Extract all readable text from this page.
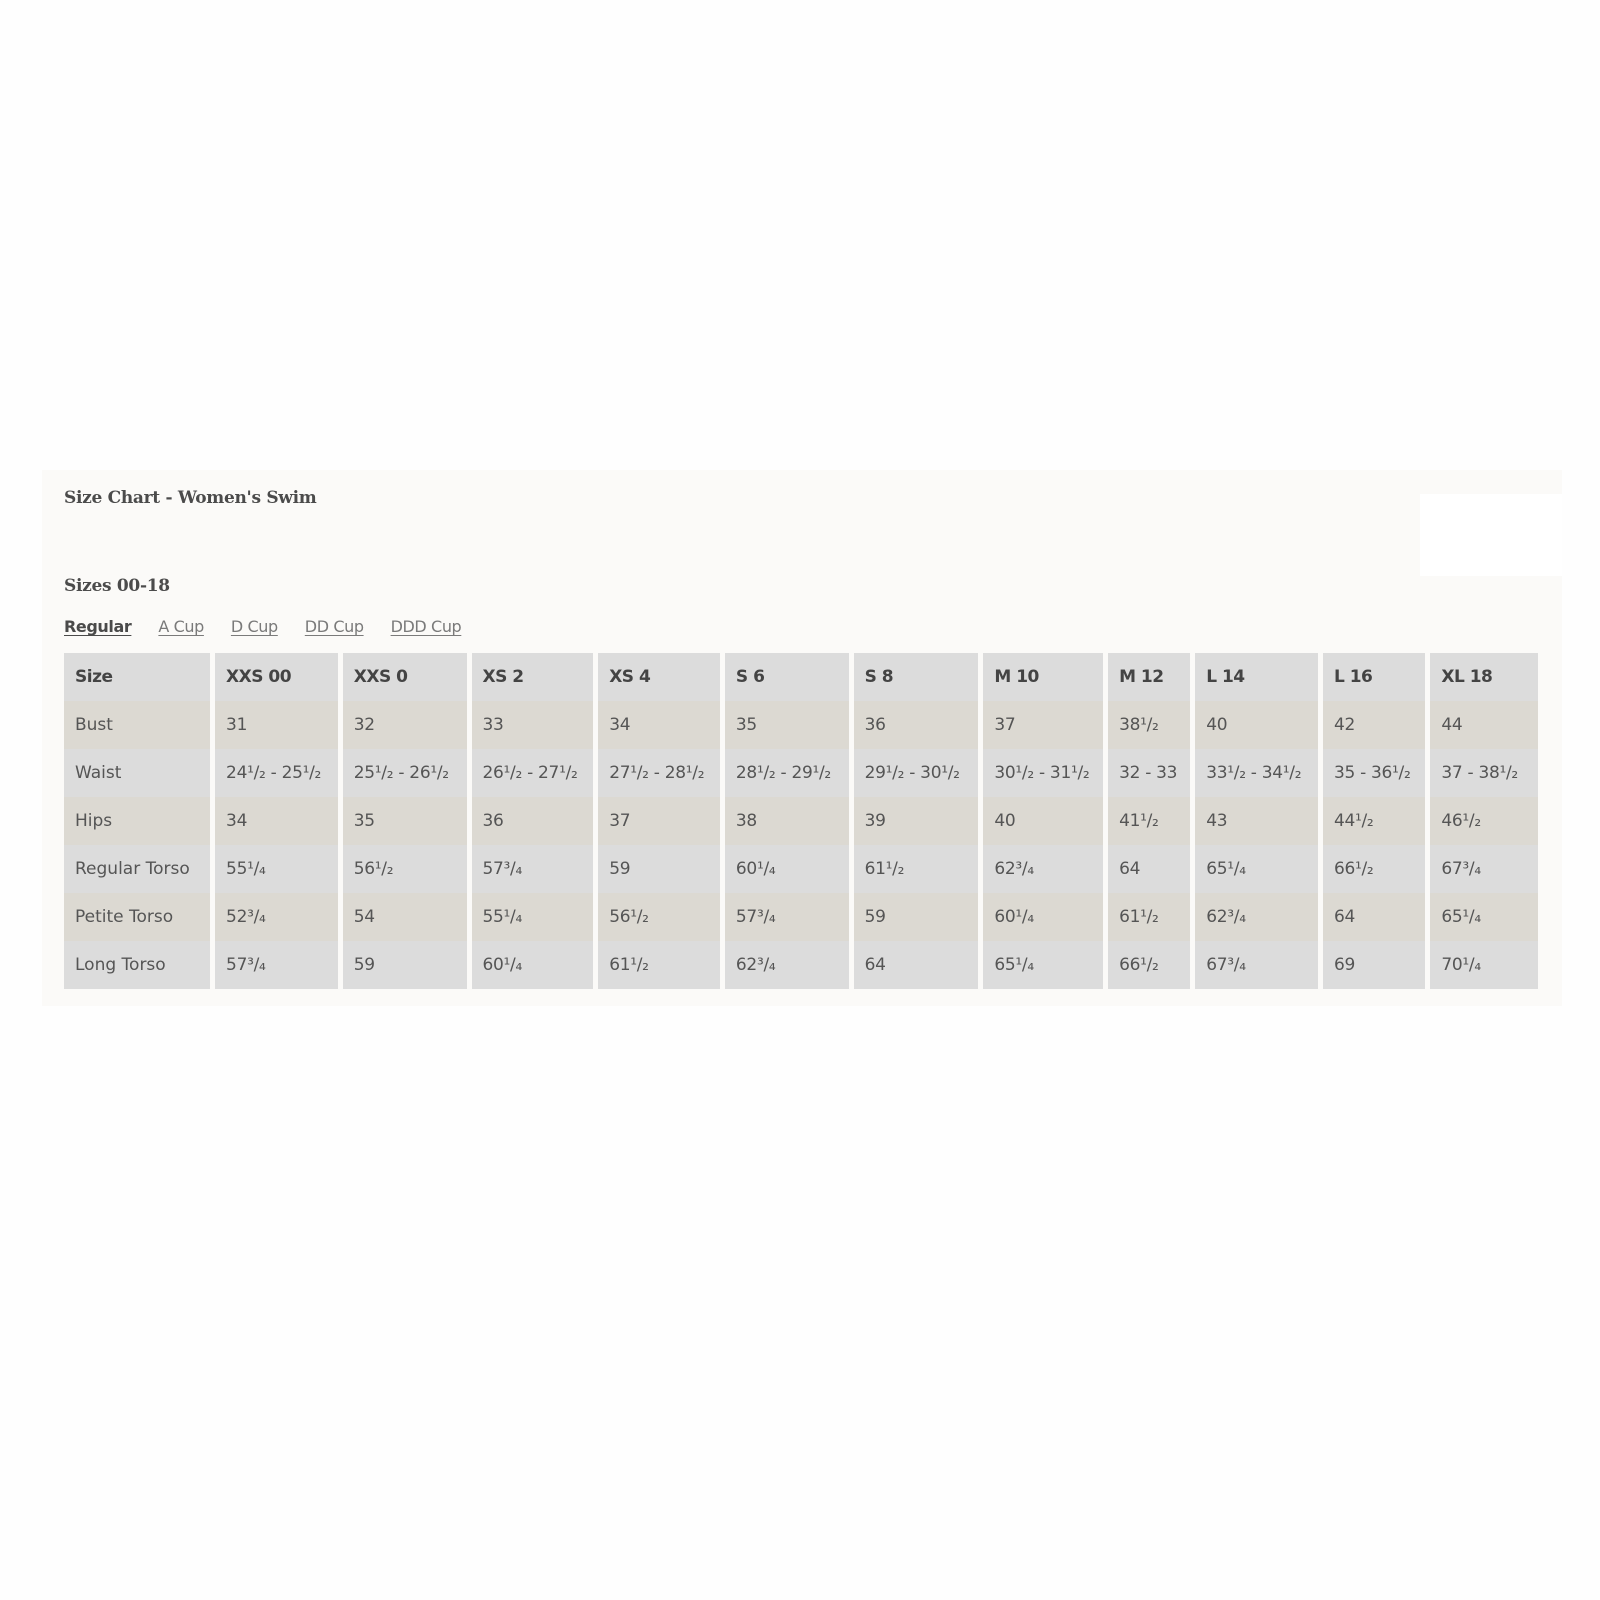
Size Chart - Women's Swim
Sizes 00-18
Regular A Cup D Cup DD Cup DDD Cup
Size	XXS 00	XXS 0	XS 2	XS 4	S 6	S 8	M 10	M 12	L 14	L 16	XL 18
Bust	31	32	33	34	35	36	37	38¹/₂	40	42	44
Waist	24¹/₂ - 25¹/₂	25¹/₂ - 26¹/₂	26¹/₂ - 27¹/₂	27¹/₂ - 28¹/₂	28¹/₂ - 29¹/₂	29¹/₂ - 30¹/₂	30¹/₂ - 31¹/₂	32 - 33	33¹/₂ - 34¹/₂	35 - 36¹/₂	37 - 38¹/₂
Hips	34	35	36	37	38	39	40	41¹/₂	43	44¹/₂	46¹/₂
Regular Torso	55¹/₄	56¹/₂	57³/₄	59	60¹/₄	61¹/₂	62³/₄	64	65¹/₄	66¹/₂	67³/₄
Petite Torso	52³/₄	54	55¹/₄	56¹/₂	57³/₄	59	60¹/₄	61¹/₂	62³/₄	64	65¹/₄
Long Torso	57³/₄	59	60¹/₄	61¹/₂	62³/₄	64	65¹/₄	66¹/₂	67³/₄	69	70¹/₄
